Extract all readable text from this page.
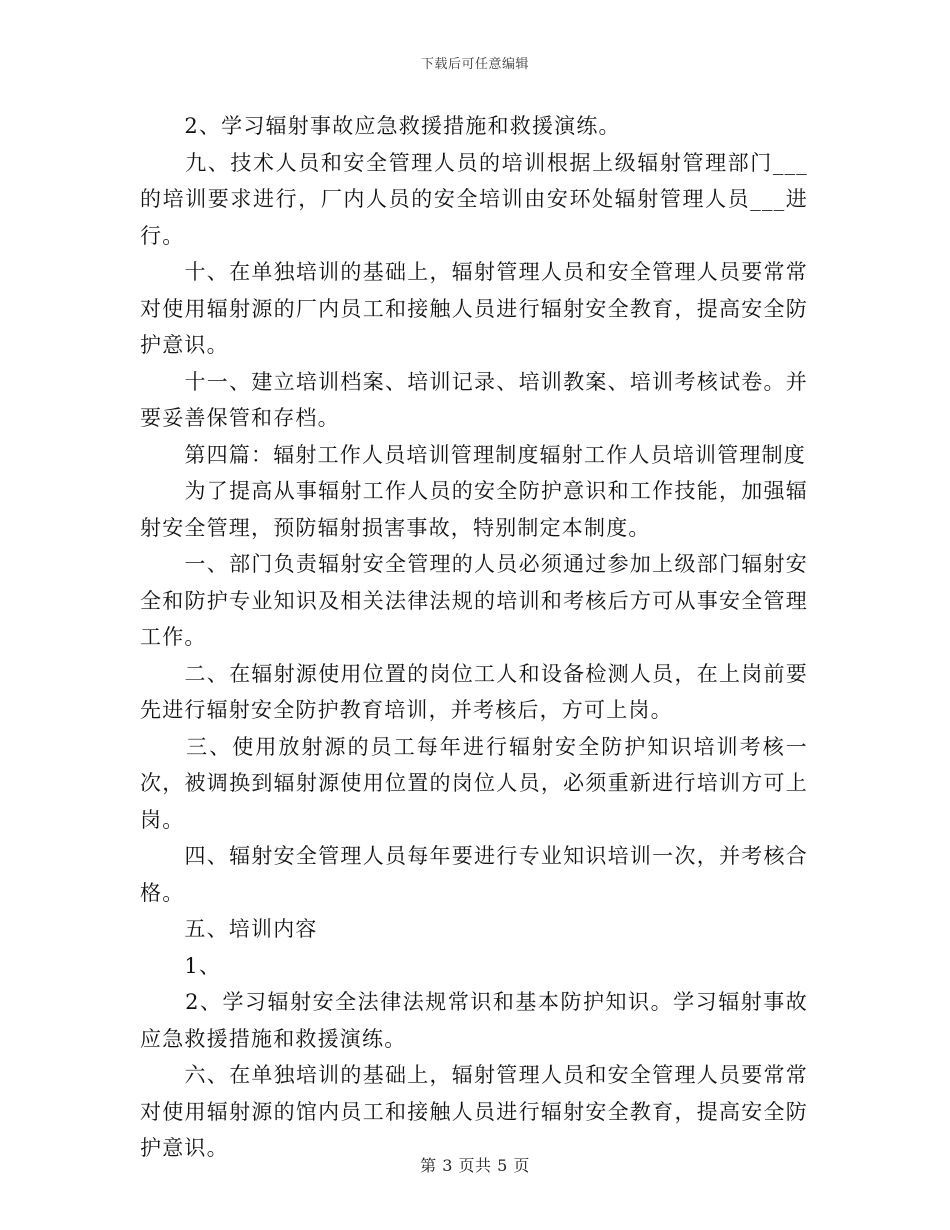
下载后可任意编辑

　　2、学习辐射事故应急救援措施和救援演练。

　　九、技术人员和安全管理人员的培训根据上级辐射管理部门___的培训要求进行，厂内人员的安全培训由安环处辐射管理人员___进行。

　　十、在单独培训的基础上，辐射管理人员和安全管理人员要常常对使用辐射源的厂内员工和接触人员进行辐射安全教育，提高安全防护意识。

　　十一、建立培训档案、培训记录、培训教案、培训考核试卷。并要妥善保管和存档。

　　第四篇：辐射工作人员培训管理制度辐射工作人员培训管理制度

　　为了提高从事辐射工作人员的安全防护意识和工作技能，加强辐射安全管理，预防辐射损害事故，特别制定本制度。

　　一、部门负责辐射安全管理的人员必须通过参加上级部门辐射安全和防护专业知识及相关法律法规的培训和考核后方可从事安全管理工作。

　　二、在辐射源使用位置的岗位工人和设备检测人员，在上岗前要先进行辐射安全防护教育培训，并考核后，方可上岗。

　　三、使用放射源的员工每年进行辐射安全防护知识培训考核一次，被调换到辐射源使用位置的岗位人员，必须重新进行培训方可上岗。

　　四、辐射安全管理人员每年要进行专业知识培训一次，并考核合格。

　　五、培训内容

　　1、

　　2、学习辐射安全法律法规常识和基本防护知识。学习辐射事故应急救援措施和救援演练。

　　六、在单独培训的基础上，辐射管理人员和安全管理人员要常常对使用辐射源的馆内员工和接触人员进行辐射安全教育，提高安全防护意识。

第 3 页共 5 页
